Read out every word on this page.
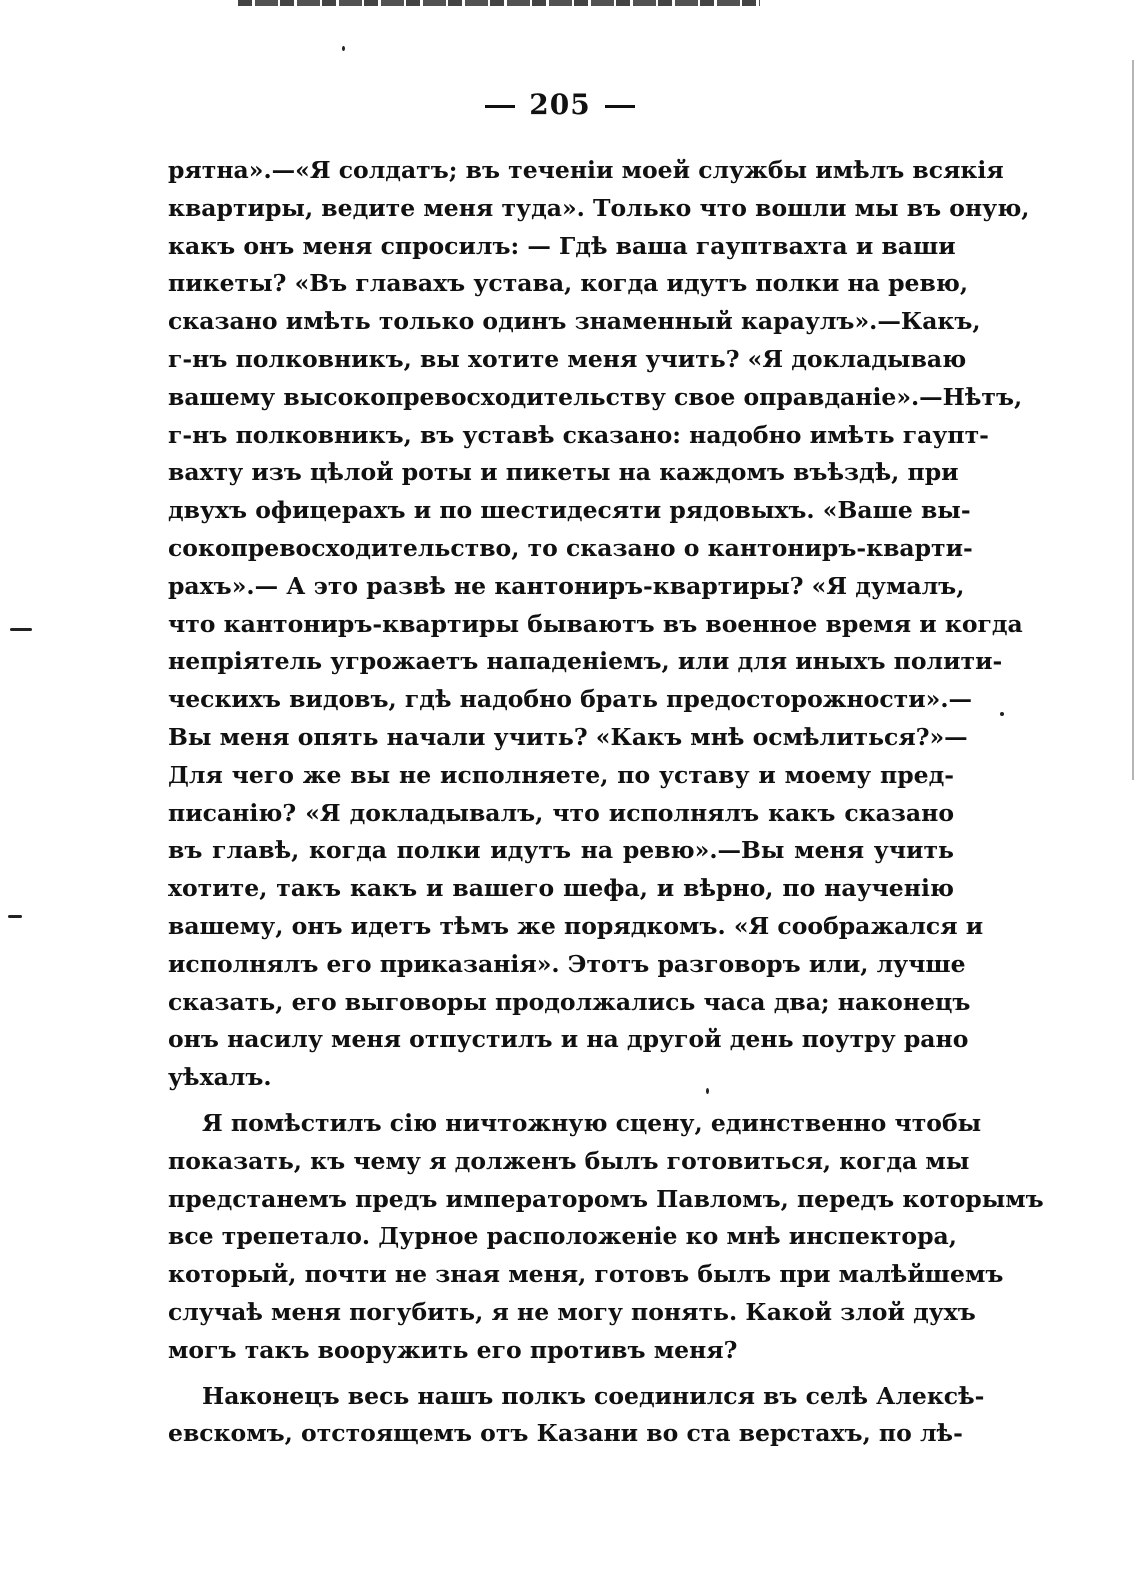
205
рятна».—«Я солдатъ; въ теченіи моей службы имѣлъ всякія
квартиры, ведите меня туда». Только что вошли мы въ оную,
какъ онъ меня спросилъ: — Гдѣ ваша гауптвахта и ваши
пикеты? «Въ главахъ устава, когда идутъ полки на ревю,
сказано имѣть только одинъ знаменный караулъ».—Какъ,
г-нъ полковникъ, вы хотите меня учить? «Я докладываю
вашему высокопревосходительству свое оправданіе».—Нѣтъ,
г-нъ полковникъ, въ уставѣ сказано: надобно имѣть гаупт-
вахту изъ цѣлой роты и пикеты на каждомъ въѣздѣ, при
двухъ офицерахъ и по шестидесяти рядовыхъ. «Ваше вы-
сокопревосходительство, то сказано о кантониръ-кварти-
рахъ».— А это развѣ не кантониръ-квартиры? «Я думалъ,
что кантониръ-квартиры бываютъ въ военное время и когда
непріятель угрожаетъ нападеніемъ, или для иныхъ полити-
ческихъ видовъ, гдѣ надобно брать предосторожности».—
Вы меня опять начали учить? «Какъ мнѣ осмѣлиться?»—
Для чего же вы не исполняете, по уставу и моему пред-
писанію? «Я докладывалъ, что исполнялъ какъ сказано
въ главѣ, когда полки идутъ на ревю».—Вы меня учить
хотите, такъ какъ и вашего шефа, и вѣрно, по наученію
вашему, онъ идетъ тѣмъ же порядкомъ. «Я соображался и
исполнялъ его приказанія». Этотъ разговоръ или, лучше
сказать, его выговоры продолжались часа два; наконецъ
онъ насилу меня отпустилъ и на другой день поутру рано
уѣхалъ.
Я помѣстилъ сію ничтожную сцену, единственно чтобы
показать, къ чему я долженъ былъ готовиться, когда мы
предстанемъ предъ императоромъ Павломъ, передъ которымъ
все трепетало. Дурное расположеніе ко мнѣ инспектора,
который, почти не зная меня, готовъ былъ при малѣйшемъ
случаѣ меня погубить, я не могу понять. Какой злой духъ
могъ такъ вооружить его противъ меня?
Наконецъ весь нашъ полкъ соединился въ селѣ Алексѣ-
евскомъ, отстоящемъ отъ Казани во ста верстахъ, по лѣ-
